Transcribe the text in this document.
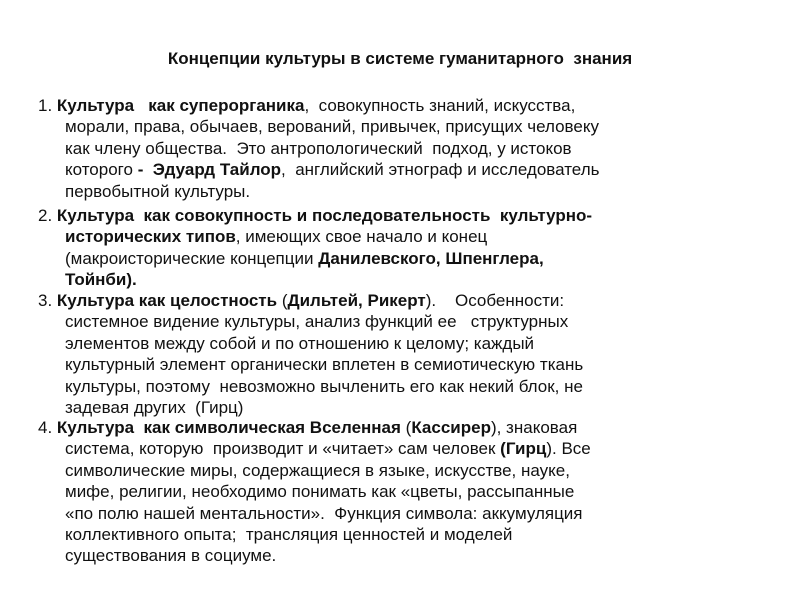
Концепции культуры в системе гуманитарного  знания
1. Культура   как суперорганика,  совокупность знаний, искусства,
морали, права, обычаев, верований, привычек, присущих человеку
как члену общества.  Это антропологический  подход, у истоков
которого -  Эдуард Тайлор,  английский этнограф и исследователь
первобытной культуры.
2. Культура  как совокупность и последовательность  культурно-
исторических типов, имеющих свое начало и конец
(макроисторические концепции Данилевского, Шпенглера,
Тойнби).
3. Культура как целостность (Дильтей, Рикерт).    Особенности:
системное видение культуры, анализ функций ее   структурных
элементов между собой и по отношению к целому; каждый
культурный элемент органически вплетен в семиотическую ткань
культуры, поэтому  невозможно вычленить его как некий блок, не
задевая других  (Гирц)
4. Культура  как символическая Вселенная (Кассирер), знаковая
система, которую  производит и «читает» сам человек (Гирц). Все
символические миры, содержащиеся в языке, искусстве, науке,
мифе, религии, необходимо понимать как «цветы, рассыпанные
«по полю нашей ментальности».  Функция символа: аккумуляция
коллективного опыта;  трансляция ценностей и моделей
существования в социуме.
